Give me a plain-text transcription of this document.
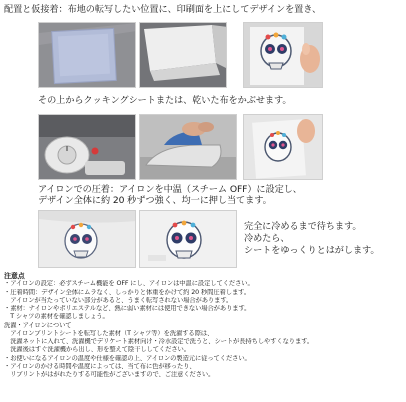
配置と仮接着：布地の転写したい位置に、印刷面を上にしてデザインを置き、
その上からクッキングシートまたは、乾いた布をかぶせます。
アイロンでの圧着：アイロンを中温（スチーム OFF）に設定し、
デザイン全体に約 20 秒ずつ強く、均一に押し当てます。
完全に冷めるまで待ちます。
冷めたら、
シートをゆっくりとはがします。
注意点
・アイロンの設定：必ずスチーム機能を OFF にし、アイロンは中温に設定してください。
・圧着時間：デザイン全体にムラなく、しっかりと体重をかけて約 20 秒間圧着します。
　アイロンが当たっていない部分があると、うまく転写されない場合があります。
・素材：ナイロンやポリエステルなど、熱に弱い素材には使用できない場合があります。
　T シャツの素材を確認しましょう。
洗濯・アイロンについて
　アイロンプリントシートを転写した素材（T シャツ等）を洗濯する際は、
　洗濯ネットに入れて、洗濯機でデリケート素材向け・冷水設定で洗うと、シートが長持ちしやすくなります。
　洗濯後はすぐ洗濯機から出し、形を整えて陰干ししてください。
・お使いになるアイロンの温度や仕様を確認の上、アイロンの製造元に従ってください。
・アイロンのかける時間や温度によっては、当て布に色が移ったり、
　リプリントがはがれたりする可能性がございますので、ご注意ください。
